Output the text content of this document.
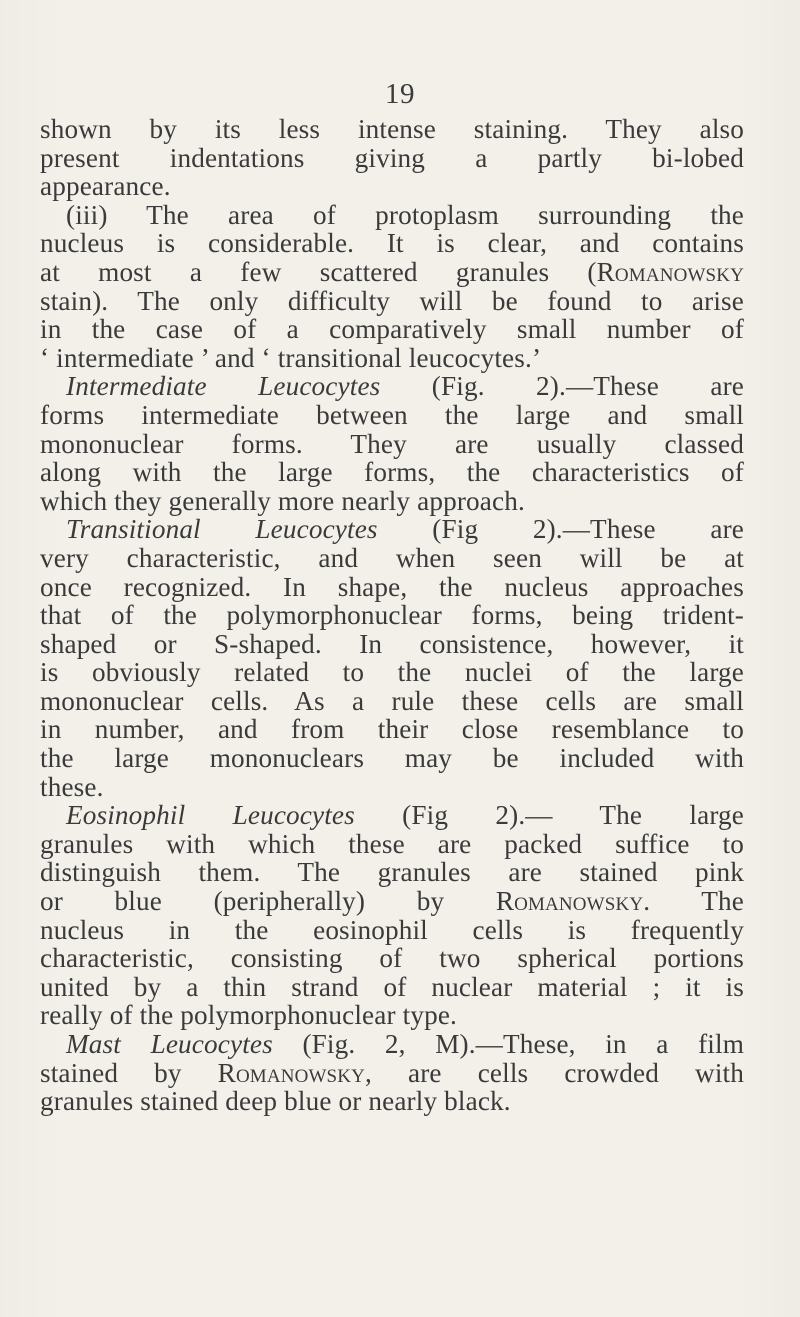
19
shown by its less intense staining. They also
present indentations giving a partly bi-lobed
appearance.
(iii) The area of protoplasm surrounding the
nucleus is considerable. It is clear, and contains
at most a few scattered granules (Romanowsky
stain). The only difficulty will be found to arise
in the case of a comparatively small number of
‘ intermediate ’ and ‘ transitional leucocytes.’
Intermediate Leucocytes (Fig. 2).—These are
forms intermediate between the large and small
mononuclear forms. They are usually classed
along with the large forms, the characteristics of
which they generally more nearly approach.
Transitional Leucocytes (Fig 2).—These are
very characteristic, and when seen will be at
once recognized. In shape, the nucleus approaches
that of the polymorphonuclear forms, being trident-
shaped or S-shaped. In consistence, however, it
is obviously related to the nuclei of the large
mononuclear cells. As a rule these cells are small
in number, and from their close resemblance to
the large mononuclears may be included with
these.
Eosinophil Leucocytes (Fig 2).— The large
granules with which these are packed suffice to
distinguish them. The granules are stained pink
or blue (peripherally) by Romanowsky. The
nucleus in the eosinophil cells is frequently
characteristic, consisting of two spherical portions
united by a thin strand of nuclear material ; it is
really of the polymorphonuclear type.
Mast Leucocytes (Fig. 2, M).—These, in a film
stained by Romanowsky, are cells crowded with
granules stained deep blue or nearly black.
